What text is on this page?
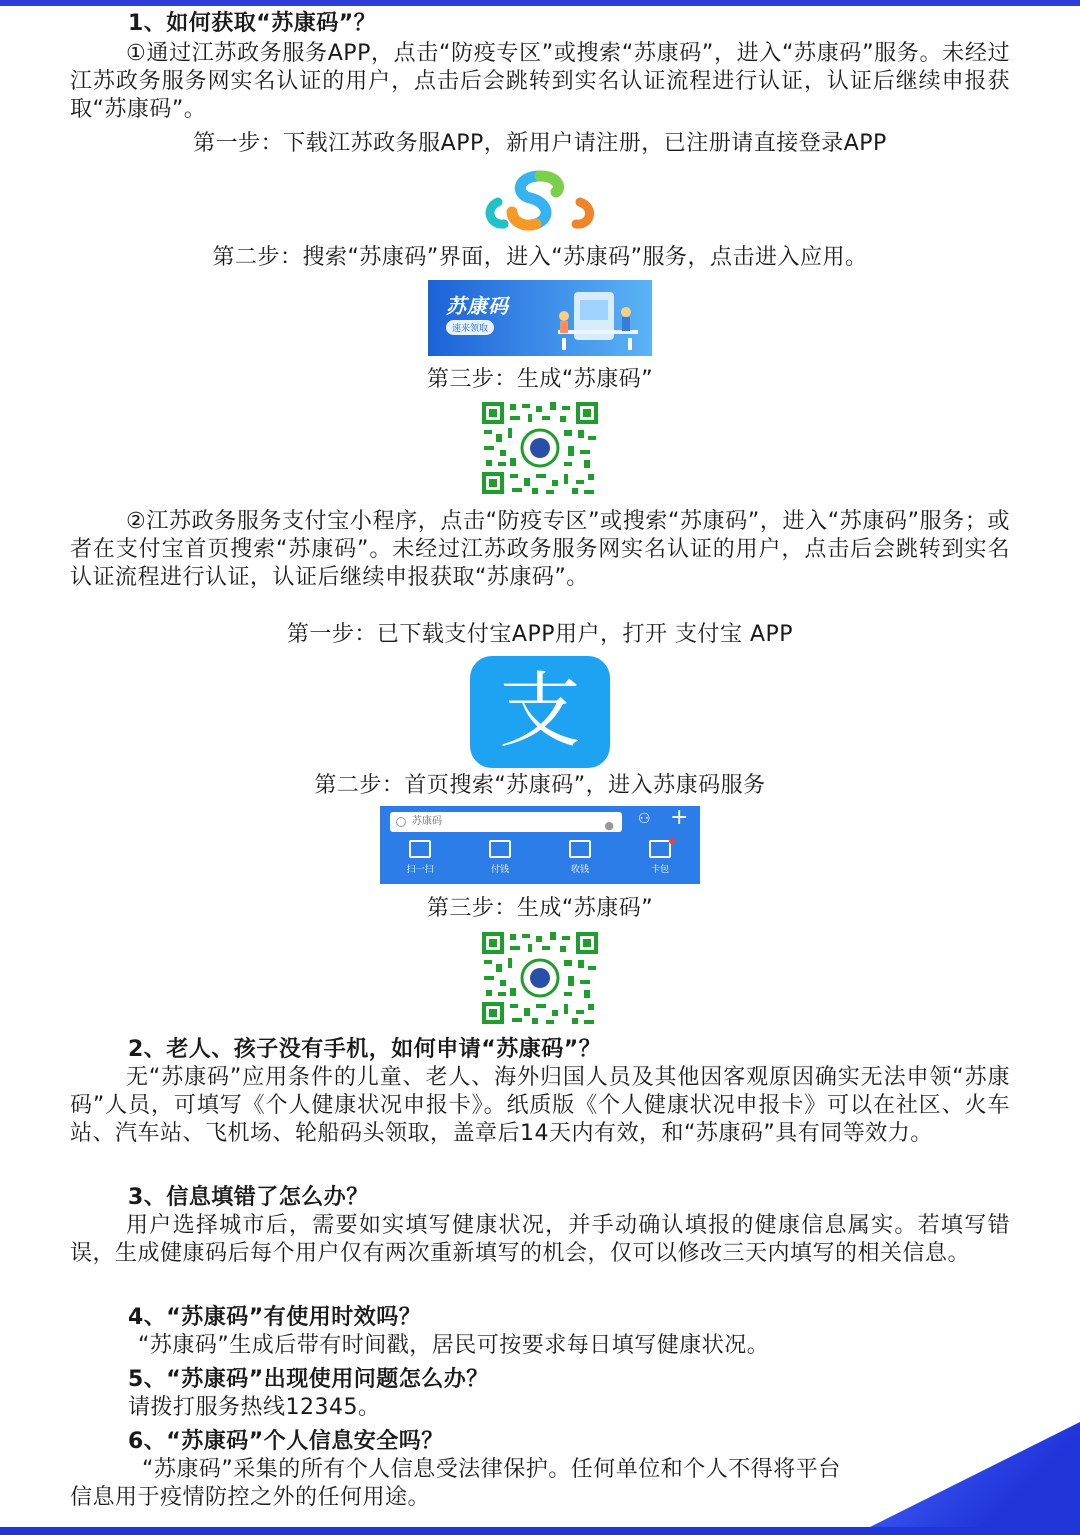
1、如何获取“苏康码”？
①通过江苏政务服务APP，点击“防疫专区”或搜索“苏康码”，进入“苏康码”服务。未经过江苏政务服务网实名认证的用户，点击后会跳转到实名认证流程进行认证，认证后继续申报获取“苏康码”。
第一步：下载江苏政务服APP，新用户请注册，已注册请直接登录APP
第二步：搜索“苏康码”界面，进入“苏康码”服务，点击进入应用。
苏康码
速来领取
第三步：生成“苏康码”
②江苏政务服务支付宝小程序，点击“防疫专区”或搜索“苏康码”，进入“苏康码”服务；或者在支付宝首页搜索“苏康码”。未经过江苏政务服务网实名认证的用户，点击后会跳转到实名认证流程进行认证，认证后继续申报获取“苏康码”。
第一步：已下载支付宝APP用户，打开 支付宝 APP
支
第二步：首页搜索“苏康码”，进入苏康码服务
苏康码	● ⚇ +
扫一扫	付钱	收钱	卡包
第三步：生成“苏康码”
2、老人、孩子没有手机，如何申请“苏康码”？
无“苏康码”应用条件的儿童、老人、海外归国人员及其他因客观原因确实无法申领“苏康码”人员，可填写《个人健康状况申报卡》。纸质版《个人健康状况申报卡》可以在社区、火车站、汽车站、飞机场、轮船码头领取，盖章后14天内有效，和“苏康码”具有同等效力。
3、信息填错了怎么办？
用户选择城市后，需要如实填写健康状况，并手动确认填报的健康信息属实。若填写错误，生成健康码后每个用户仅有两次重新填写的机会，仅可以修改三天内填写的相关信息。
4、“苏康码”有使用时效吗？
“苏康码”生成后带有时间戳，居民可按要求每日填写健康状况。
5、“苏康码”出现使用问题怎么办？
请拨打服务热线12345。
6、“苏康码”个人信息安全吗？
“苏康码”采集的所有个人信息受法律保护。任何单位和个人不得将平台信息用于疫情防控之外的任何用途。
